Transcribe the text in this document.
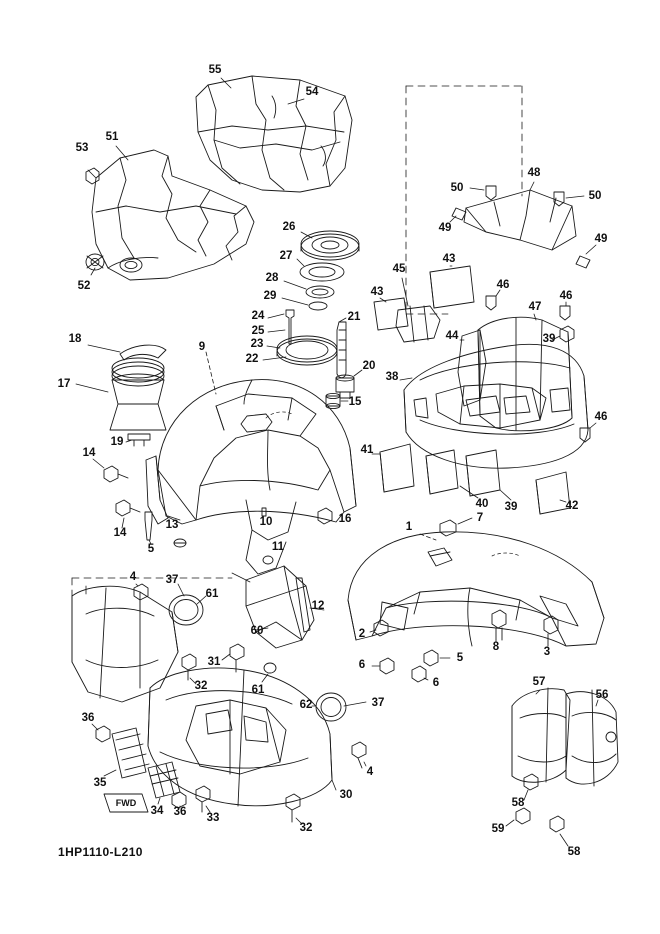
FWD
1HP1110-L210
55
54
51
53
48
50
50
49
49
26
27
52
28
45
43
43
46
29
47
46
24	21
25	44	39
23
18
9
22
20
17
38
15
46
19
14	41
14
13	10	16
40 39	42
5	11
1
7
4	37
61
12
2
3
60
6
5
8
6
31
32	61
62
57
56
37
36
35
34 36 33
30
4
32
58
59
58
